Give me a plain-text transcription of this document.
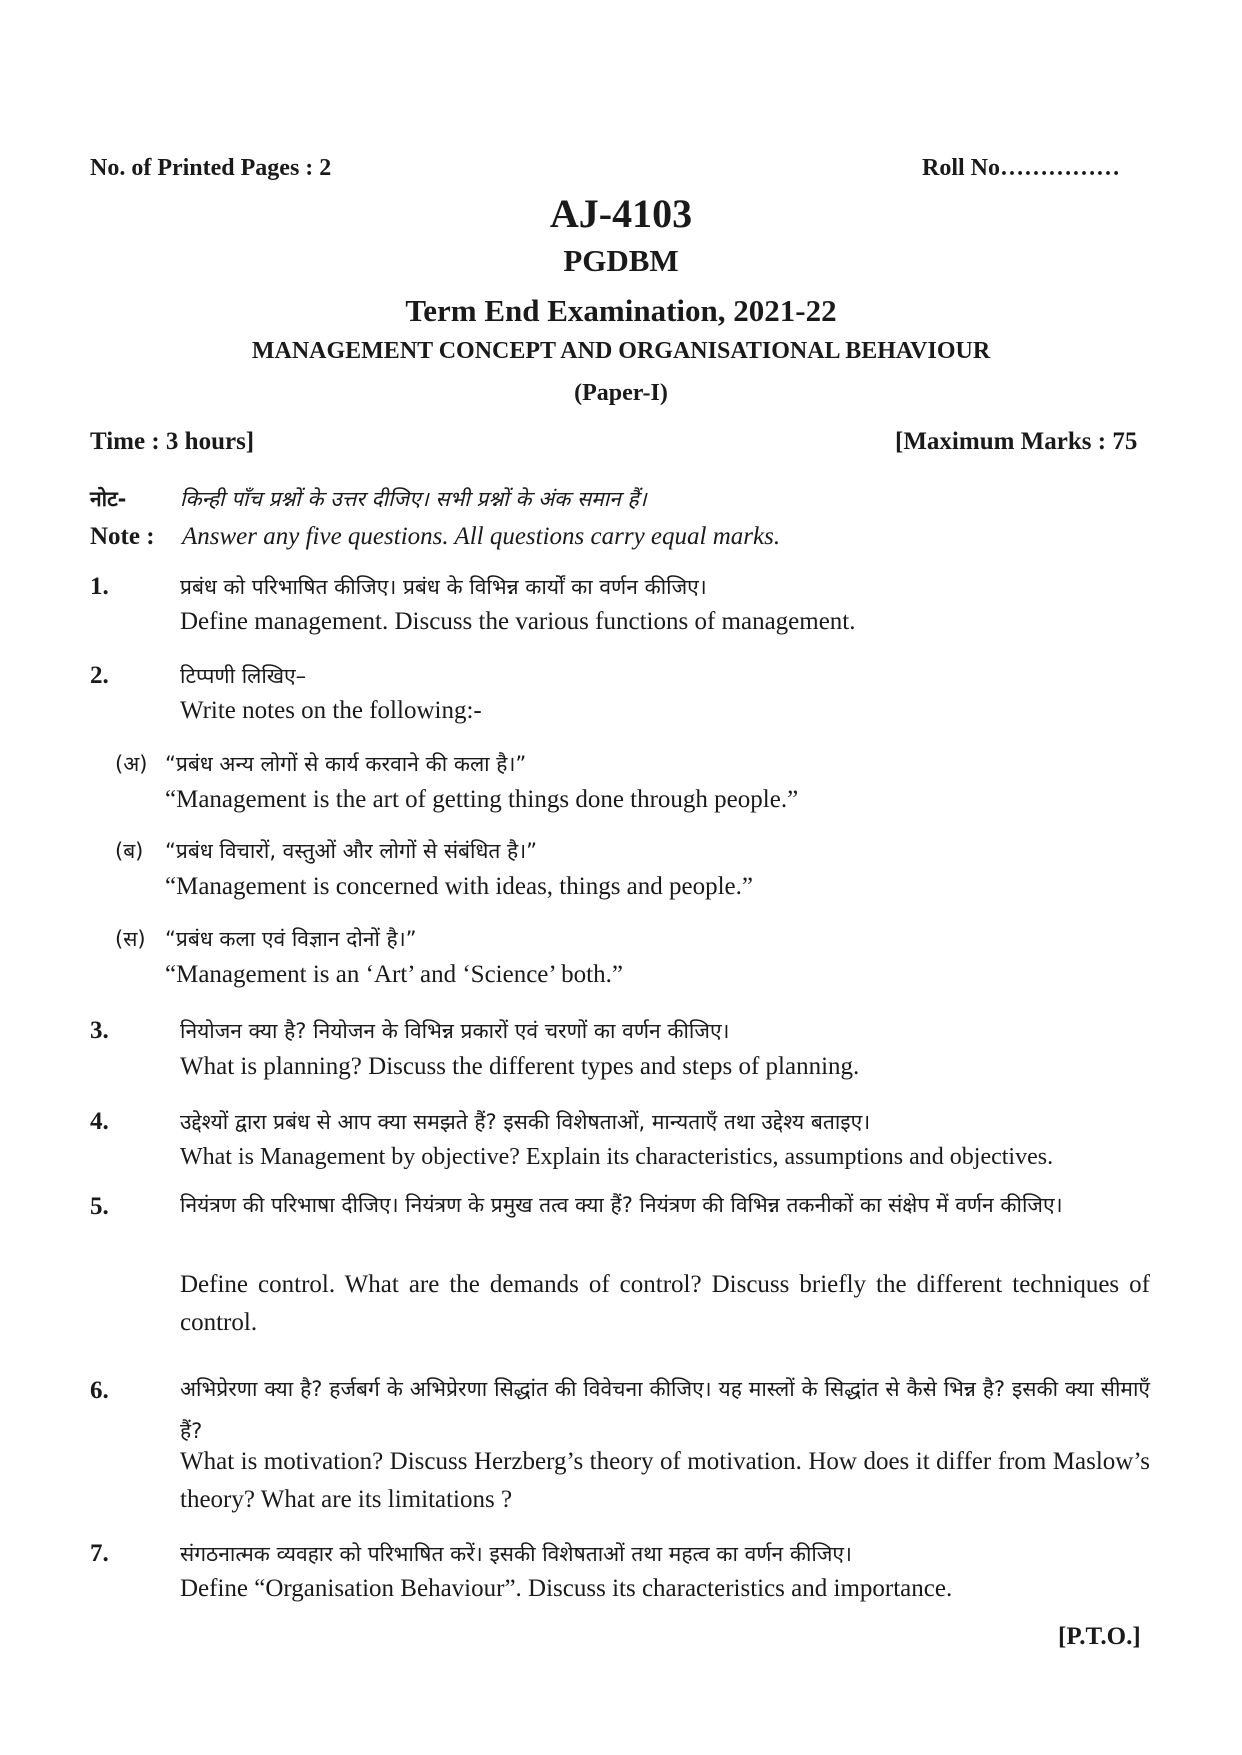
No. of Printed Pages : 2	Roll No……………
AJ-4103
PGDBM
Term End Examination, 2021-22
MANAGEMENT CONCEPT AND ORGANISATIONAL BEHAVIOUR
(Paper-I)
Time : 3 hours]	[Maximum Marks : 75
नोट-	किन्ही पाँच प्रश्नों के उत्तर दीजिए। सभी प्रश्नों के अंक समान हैं।
Note : Answer any five questions. All questions carry equal marks.
1.	प्रबंध को परिभाषित कीजिए। प्रबंध के विभिन्न कार्यों का वर्णन कीजिए।
Define management. Discuss the various functions of management.
2.	टिप्पणी लिखिए–
Write notes on the following:-
(अ) “प्रबंध अन्य लोगों से कार्य करवाने की कला है।”
“Management is the art of getting things done through people.”
(ब) “प्रबंध विचारों, वस्तुओं और लोगों से संबंधित है।”
“Management is concerned with ideas, things and people.”
(स) “प्रबंध कला एवं विज्ञान दोनों है।”
“Management is an ‘Art’ and ‘Science’ both.”
3.	नियोजन क्या है? नियोजन के विभिन्न प्रकारों एवं चरणों का वर्णन कीजिए।
What is planning? Discuss the different types and steps of planning.
4.	उद्देश्यों द्वारा प्रबंध से आप क्या समझते हैं? इसकी विशेषताओं, मान्यताएँ तथा उद्देश्य बताइए।
What is Management by objective? Explain its characteristics, assumptions and objectives.
5.	नियंत्रण की परिभाषा दीजिए। नियंत्रण के प्रमुख तत्व क्या हैं? नियंत्रण की विभिन्न तकनीकों का संक्षेप में वर्णन कीजिए।
Define control. What are the demands of control? Discuss briefly the different techniques of control.
6.	अभिप्रेरणा क्या है? हर्जबर्ग के अभिप्रेरणा सिद्धांत की विवेचना कीजिए। यह मास्लों के सिद्धांत से कैसे भिन्न है? इसकी क्या सीमाएँ हैं?
What is motivation? Discuss Herzberg’s theory of motivation. How does it differ from Maslow’s theory? What are its limitations ?
7.	संगठनात्मक व्यवहार को परिभाषित करें। इसकी विशेषताओं तथा महत्व का वर्णन कीजिए।
Define “Organisation Behaviour”. Discuss its characteristics and importance.
[P.T.O.]
